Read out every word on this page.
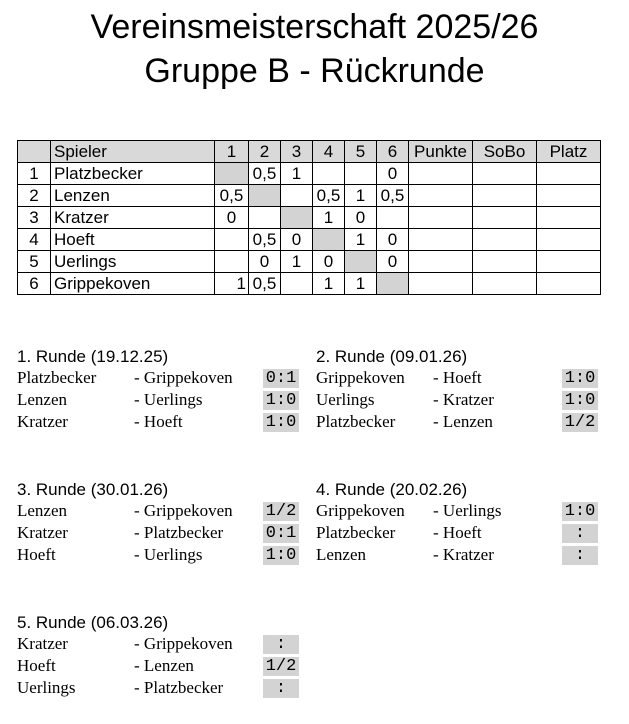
Vereinsmeisterschaft 2025/26
Gruppe B - Rückrunde
	Spieler	1	2	3	4	5	6	Punkte	SoBo	Platz
1	Platzbecker		0,5	1			0			
2	Lenzen	0,5			0,5	1	0,5			
3	Kratzer	0			1	0				
4	Hoeft		0,5	0		1	0			
5	Uerlings		0	1	0		0			
6	Grippekoven	1	0,5		1	1				
1. Runde (19.12.25)
Platzbecker - Grippekoven 0:1
Lenzen	- Uerlings	1:0
Kratzer	- Hoeft	1:0
2. Runde (09.01.26)
Grippekoven - Hoeft	1:0
Uerlings	- Kratzer	1:0
Platzbecker - Lenzen	1/2
3. Runde (30.01.26)
Lenzen	- Grippekoven 1/2
Kratzer	- Platzbecker 0:1
Hoeft	- Uerlings	1:0
4. Runde (20.02.26)
Grippekoven - Uerlings	1:0
Platzbecker - Hoeft	:
Lenzen	- Kratzer	:
5. Runde (06.03.26)
Kratzer	- Grippekoven	:
Hoeft	- Lenzen	1/2
Uerlings	- Platzbecker	:
